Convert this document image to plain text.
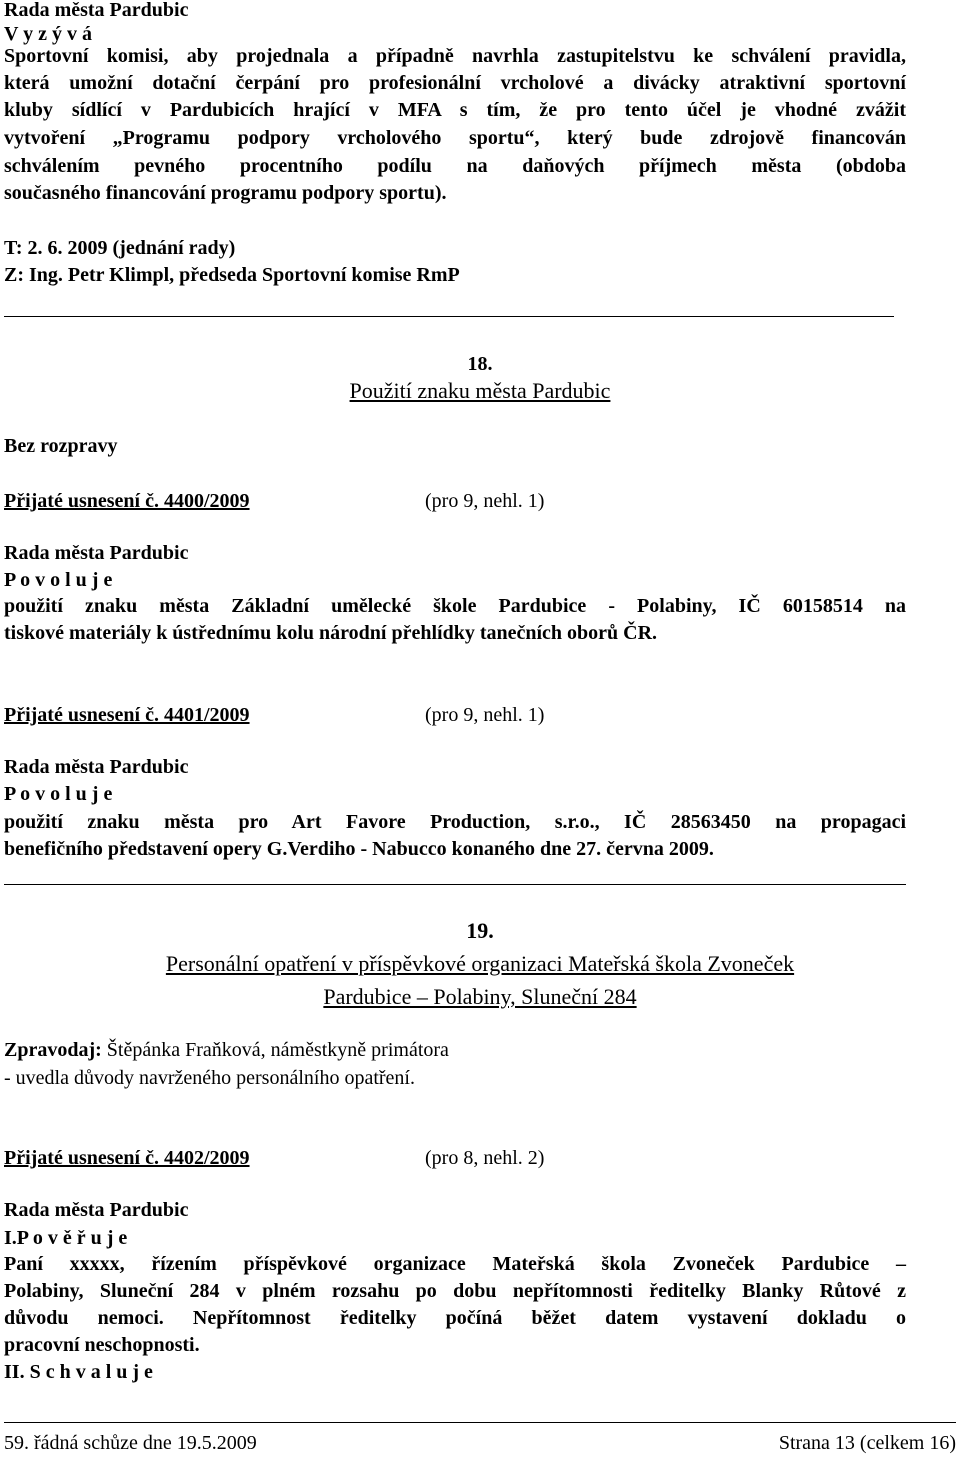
Rada města Pardubic
V y z ý v á
Sportovní komisi, aby projednala a případně navrhla zastupitelstvu ke schválení pravidla,
která umožní dotační čerpání pro profesionální vrcholové a divácky atraktivní sportovní
kluby sídlící v Pardubicích hrající v MFA s tím, že pro tento účel je vhodné zvážit
vytvoření „Programu podpory vrcholového sportu“, který bude zdrojově financován
schválením pevného procentního podílu na daňových příjmech města (obdoba
současného financování programu podpory sportu).
T: 2. 6. 2009 (jednání rady)
Z: Ing. Petr Klimpl, předseda Sportovní komise RmP
18.
Použití znaku města Pardubic
Bez rozpravy
Přijaté usnesení č. 4400/2009	(pro 9, nehl. 1)
Rada města Pardubic
P o v o l u j e
použití znaku města Základní umělecké škole Pardubice - Polabiny, IČ 60158514 na
tiskové materiály k ústřednímu kolu národní přehlídky tanečních oborů ČR.
Přijaté usnesení č. 4401/2009	(pro 9, nehl. 1)
Rada města Pardubic
P o v o l u j e
použití znaku města pro Art Favore Production, s.r.o., IČ 28563450 na propagaci
benefičního představení opery G.Verdiho - Nabucco konaného dne 27. června 2009.
19.
Personální opatření v příspěvkové organizaci Mateřská škola Zvoneček
Pardubice – Polabiny, Sluneční 284
Zpravodaj: Štěpánka Fraňková, náměstkyně primátora
- uvedla důvody navrženého personálního opatření.
Přijaté usnesení č. 4402/2009	(pro 8, nehl. 2)
Rada města Pardubic
I.P o v ě ř u j e
Paní xxxxx, řízením příspěvkové organizace Mateřská škola Zvoneček Pardubice –
Polabiny, Sluneční 284 v plném rozsahu po dobu nepřítomnosti ředitelky Blanky Růtové z
důvodu nemoci. Nepřítomnost ředitelky počíná běžet datem vystavení dokladu o
pracovní neschopnosti.
II. S c h v a l u j e
59. řádná schůze dne 19.5.2009	Strana 13 (celkem 16)
